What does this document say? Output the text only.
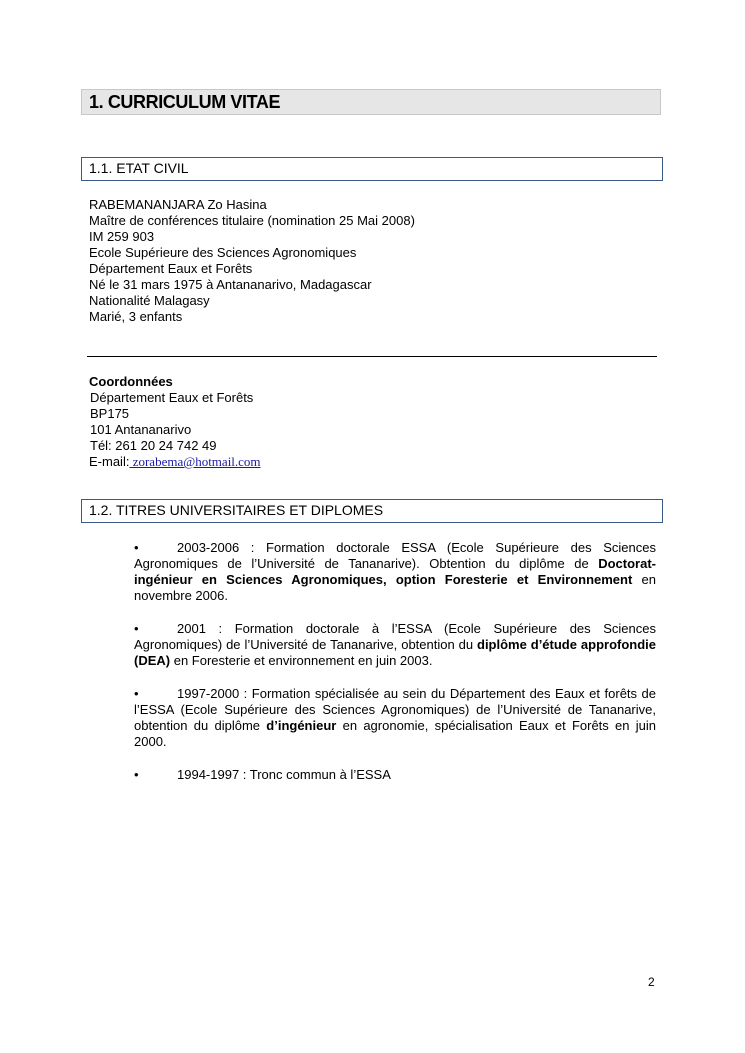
1. CURRICULUM VITAE
1.1. ETAT CIVIL
RABEMANANJARA Zo Hasina
Maître de conférences titulaire (nomination 25 Mai 2008)
IM 259 903
Ecole Supérieure des Sciences Agronomiques
Département Eaux et Forêts
Né le 31 mars 1975 à Antananarivo, Madagascar
Nationalité Malagasy
Marié, 3 enfants
Coordonnées
Département Eaux et Forêts
BP175
101 Antananarivo
Tél: 261 20 24 742 49
E-mail: zorabema@hotmail.com
1.2. TITRES UNIVERSITAIRES ET DIPLOMES
•	2003-2006 : Formation doctorale ESSA (Ecole Supérieure des Sciences Agronomiques de l’Université de Tananarive). Obtention du diplôme de Doctorat-ingénieur en Sciences Agronomiques, option Foresterie et Environnement en novembre 2006.
•	2001 : Formation doctorale à l’ESSA (Ecole Supérieure des Sciences Agronomiques) de l’Université de Tananarive, obtention du diplôme d’étude approfondie (DEA) en Foresterie et environnement en juin 2003.
•	1997-2000 : Formation spécialisée au sein du Département des Eaux et forêts de l’ESSA (Ecole Supérieure des Sciences Agronomiques) de l’Université de Tananarive, obtention du diplôme d’ingénieur en agronomie, spécialisation Eaux et Forêts en juin 2000.
•	1994-1997 : Tronc commun à l’ESSA
2
